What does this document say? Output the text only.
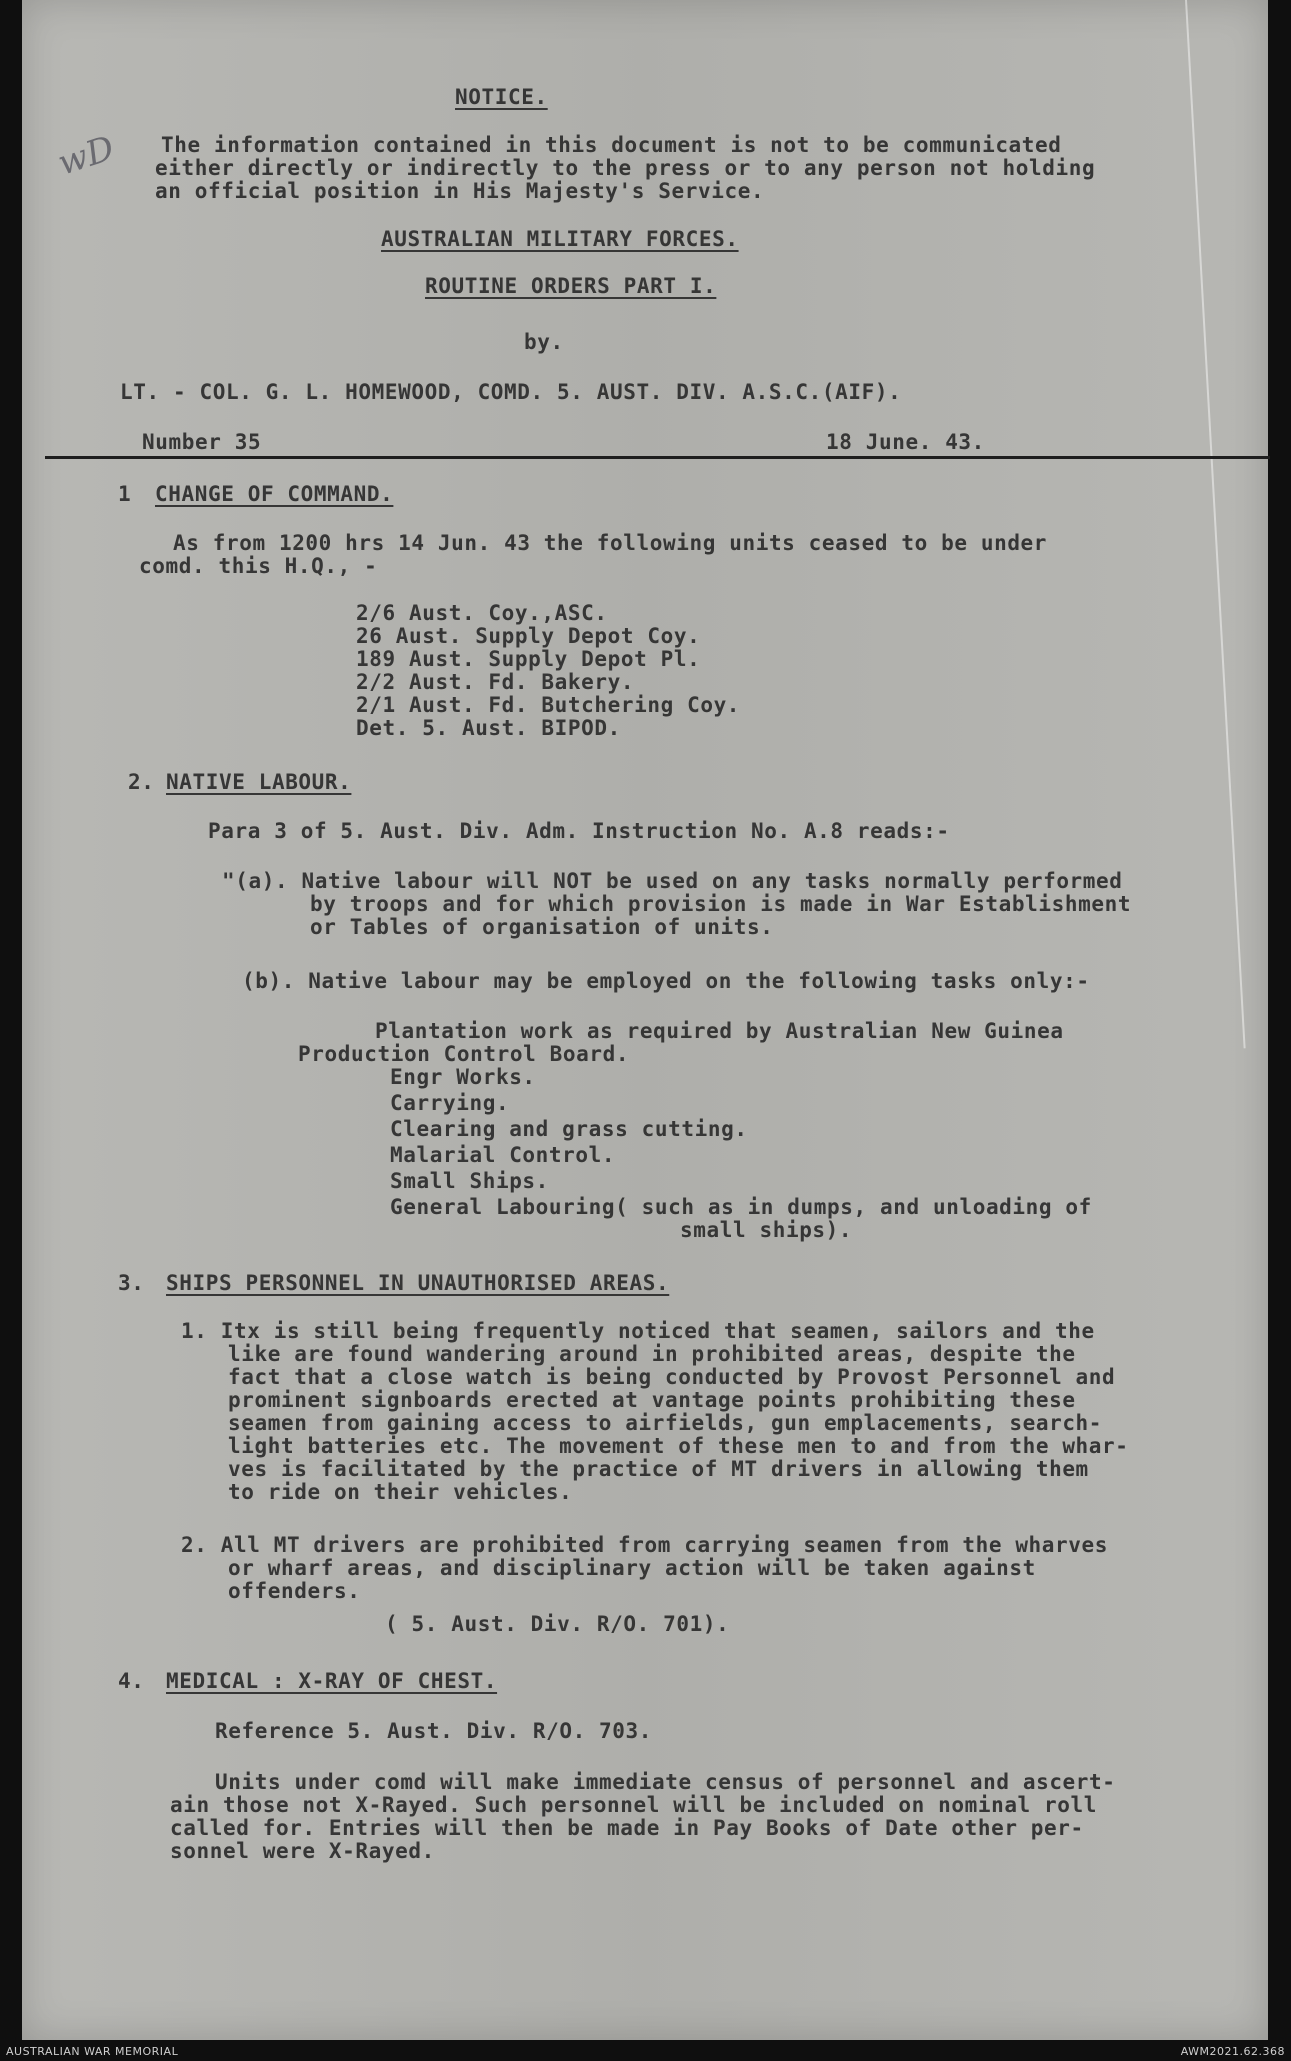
wD
NOTICE.
The information contained in this document is not to be communicated
either directly or indirectly to the press or to any person not holding
an official position in His Majesty's Service.
AUSTRALIAN MILITARY FORCES.
ROUTINE ORDERS PART I.
by.
LT. - COL. G. L. HOMEWOOD, COMD. 5. AUST. DIV. A.S.C.(AIF).
Number 35	18 June. 43.
1 CHANGE OF COMMAND.
As from 1200 hrs 14 Jun. 43 the following units ceased to be under
comd. this H.Q., -
2/6 Aust. Coy.,ASC.
26 Aust. Supply Depot Coy.
189 Aust. Supply Depot Pl.
2/2 Aust. Fd. Bakery.
2/1 Aust. Fd. Butchering Coy.
Det. 5. Aust. BIPOD.
2. NATIVE LABOUR.
Para 3 of 5. Aust. Div. Adm. Instruction No. A.8 reads:-
"(a). Native labour will NOT be used on any tasks normally performed
by troops and for which provision is made in War Establishment
or Tables of organisation of units.
(b). Native labour may be employed on the following tasks only:-
Plantation work as required by Australian New Guinea
Production Control Board.
Engr Works.
Carrying.
Clearing and grass cutting.
Malarial Control.
Small Ships.
General Labouring( such as in dumps, and unloading of
small ships).
3. SHIPS PERSONNEL IN UNAUTHORISED AREAS.
1. Itx is still being frequently noticed that seamen, sailors and the
like are found wandering around in prohibited areas, despite the
fact that a close watch is being conducted by Provost Personnel and
prominent signboards erected at vantage points prohibiting these
seamen from gaining access to airfields, gun emplacements, search-
light batteries etc. The movement of these men to and from the whar-
ves is facilitated by the practice of MT drivers in allowing them
to ride on their vehicles.
2. All MT drivers are prohibited from carrying seamen from the wharves
or wharf areas, and disciplinary action will be taken against
offenders.
( 5. Aust. Div. R/O. 701).
4. MEDICAL : X-RAY OF CHEST.
Reference 5. Aust. Div. R/O. 703.
Units under comd will make immediate census of personnel and ascert-
ain those not X-Rayed. Such personnel will be included on nominal roll
called for. Entries will then be made in Pay Books of Date other per-
sonnel were X-Rayed.
AUSTRALIAN WAR MEMORIAL	AWM2021.62.368
